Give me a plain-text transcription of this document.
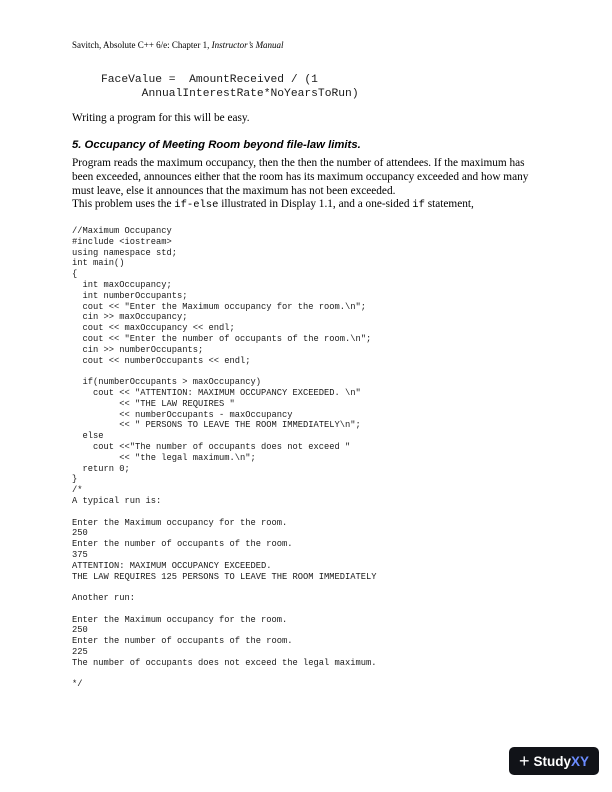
Savitch, Absolute C++ 6/e: Chapter 1, Instructor’s Manual
FaceValue =  AmountReceived / (1
AnnualInterestRate*NoYearsToRun)
Writing a program for this will be easy.
5. Occupancy of Meeting Room beyond file-law limits.
Program reads the maximum occupancy, then the then the number of attendees. If the maximum has been exceeded, announces either that the room has its maximum occupancy exceeded and how many must leave, else it announces that the maximum has not been exceeded.
This problem uses the if-else illustrated in Display 1.1, and a one-sided if statement,
//Maximum Occupancy
#include <iostream>
using namespace std;
int main()
{
int maxOccupancy;
int numberOccupants;
cout << "Enter the Maximum occupancy for the room.\n";
cin >> maxOccupancy;
cout << maxOccupancy << endl;
cout << "Enter the number of occupants of the room.\n";
cin >> numberOccupants;
cout << numberOccupants << endl;

if(numberOccupants > maxOccupancy)
cout << "ATTENTION: MAXIMUM OCCUPANCY EXCEEDED. \n"
<< "THE LAW REQUIRES "
<< numberOccupants - maxOccupancy
<< " PERSONS TO LEAVE THE ROOM IMMEDIATELY\n";
else
cout <<"The number of occupants does not exceed "
<< "the legal maximum.\n";
return 0;
}
/*
A typical run is:

Enter the Maximum occupancy for the room.
250
Enter the number of occupants of the room.
375
ATTENTION: MAXIMUM OCCUPANCY EXCEEDED.
THE LAW REQUIRES 125 PERSONS TO LEAVE THE ROOM IMMEDIATELY

Another run:

Enter the Maximum occupancy for the room.
250
Enter the number of occupants of the room.
225
The number of occupants does not exceed the legal maximum.

*/
+ Study XY
